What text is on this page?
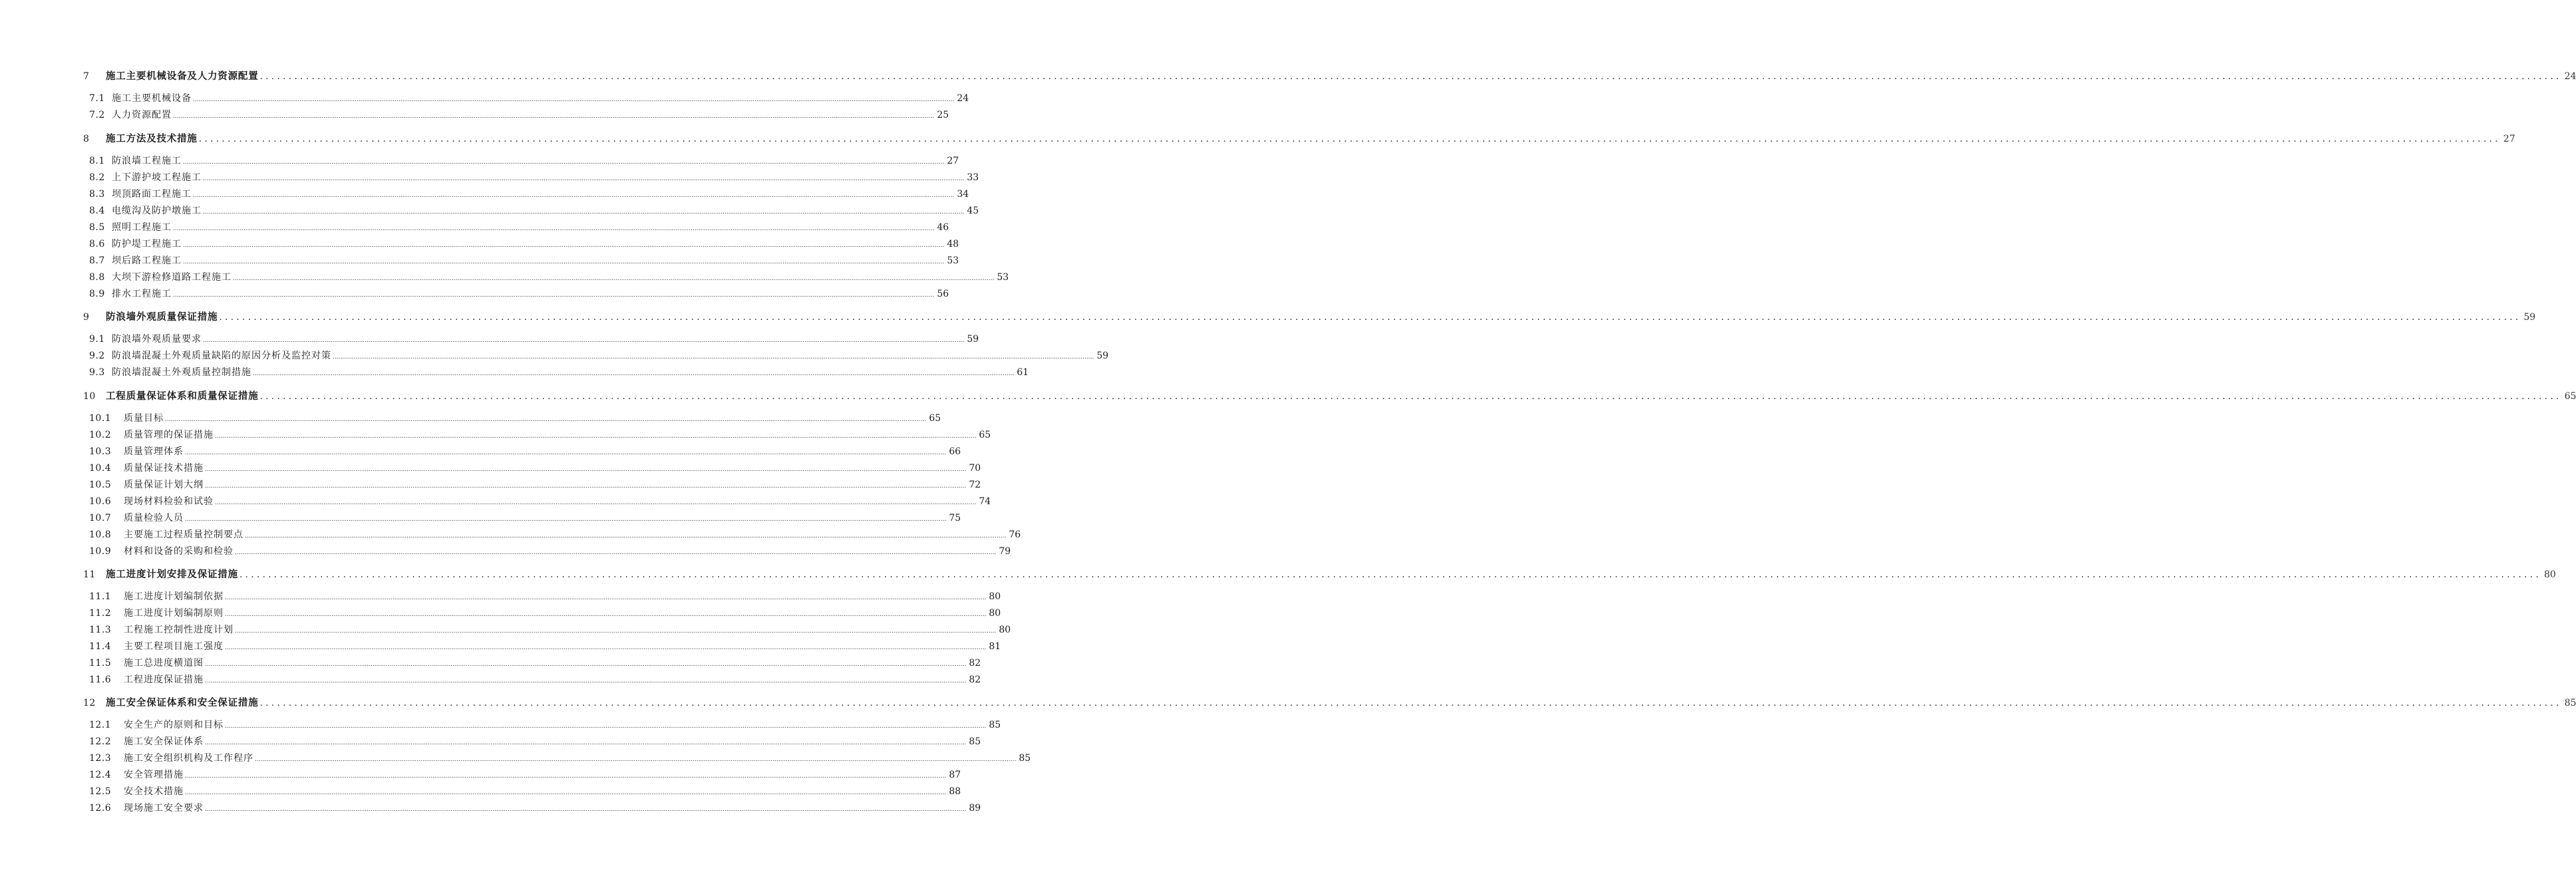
7	施工主要机械设备及人力资源配置 ................................................................................................................................................................................................................................................................................................................................................................................................................ 24
7.1 施工主要机械设备 ................................................................................................................................................................................................................................................................................................................................................................................................................ 24
7.2 人力资源配置 ................................................................................................................................................................................................................................................................................................................................................................................................................ 25
8	施工方法及技术措施 ................................................................................................................................................................................................................................................................................................................................................................................................................ 27
8.1 防浪墙工程施工 ................................................................................................................................................................................................................................................................................................................................................................................................................ 27
8.2 上下游护坡工程施工 ................................................................................................................................................................................................................................................................................................................................................................................................................ 33
8.3 坝顶路面工程施工 ................................................................................................................................................................................................................................................................................................................................................................................................................ 34
8.4 电缆沟及防护墩施工 ................................................................................................................................................................................................................................................................................................................................................................................................................ 45
8.5 照明工程施工 ................................................................................................................................................................................................................................................................................................................................................................................................................ 46
8.6 防护堤工程施工 ................................................................................................................................................................................................................................................................................................................................................................................................................ 48
8.7 坝后路工程施工 ................................................................................................................................................................................................................................................................................................................................................................................................................ 53
8.8 大坝下游检修道路工程施工 ................................................................................................................................................................................................................................................................................................................................................................................................................ 53
8.9 排水工程施工 ................................................................................................................................................................................................................................................................................................................................................................................................................ 56
9	防浪墙外观质量保证措施 ................................................................................................................................................................................................................................................................................................................................................................................................................ 59
9.1 防浪墙外观质量要求 ................................................................................................................................................................................................................................................................................................................................................................................................................ 59
9.2 防浪墙混凝土外观质量缺陷的原因分析及监控对策 ................................................................................................................................................................................................................................................................................................................................................................................................................ 59
9.3 防浪墙混凝土外观质量控制措施 ................................................................................................................................................................................................................................................................................................................................................................................................................ 61
10	工程质量保证体系和质量保证措施 ................................................................................................................................................................................................................................................................................................................................................................................................................ 65
10.1	质量目标 ................................................................................................................................................................................................................................................................................................................................................................................................................ 65
10.2	质量管理的保证措施 ................................................................................................................................................................................................................................................................................................................................................................................................................ 65
10.3	质量管理体系 ................................................................................................................................................................................................................................................................................................................................................................................................................ 66
10.4	质量保证技术措施 ................................................................................................................................................................................................................................................................................................................................................................................................................ 70
10.5	质量保证计划大纲 ................................................................................................................................................................................................................................................................................................................................................................................................................ 72
10.6	现场材料检验和试验 ................................................................................................................................................................................................................................................................................................................................................................................................................ 74
10.7	质量检验人员 ................................................................................................................................................................................................................................................................................................................................................................................................................ 75
10.8	主要施工过程质量控制要点 ................................................................................................................................................................................................................................................................................................................................................................................................................ 76
10.9	材料和设备的采购和检验 ................................................................................................................................................................................................................................................................................................................................................................................................................ 79
11	施工进度计划安排及保证措施 ................................................................................................................................................................................................................................................................................................................................................................................................................ 80
11.1	施工进度计划编制依据 ................................................................................................................................................................................................................................................................................................................................................................................................................ 80
11.2	施工进度计划编制原则 ................................................................................................................................................................................................................................................................................................................................................................................................................ 80
11.3	工程施工控制性进度计划 ................................................................................................................................................................................................................................................................................................................................................................................................................ 80
11.4	主要工程项目施工强度 ................................................................................................................................................................................................................................................................................................................................................................................................................ 81
11.5	施工总进度横道图 ................................................................................................................................................................................................................................................................................................................................................................................................................ 82
11.6	工程进度保证措施 ................................................................................................................................................................................................................................................................................................................................................................................................................ 82
12	施工安全保证体系和安全保证措施 ................................................................................................................................................................................................................................................................................................................................................................................................................ 85
12.1	安全生产的原则和目标 ................................................................................................................................................................................................................................................................................................................................................................................................................ 85
12.2	施工安全保证体系 ................................................................................................................................................................................................................................................................................................................................................................................................................ 85
12.3	施工安全组织机构及工作程序 ................................................................................................................................................................................................................................................................................................................................................................................................................ 85
12.4	安全管理措施 ................................................................................................................................................................................................................................................................................................................................................................................................................ 87
12.5	安全技术措施 ................................................................................................................................................................................................................................................................................................................................................................................................................ 88
12.6	现场施工安全要求 ................................................................................................................................................................................................................................................................................................................................................................................................................ 89
